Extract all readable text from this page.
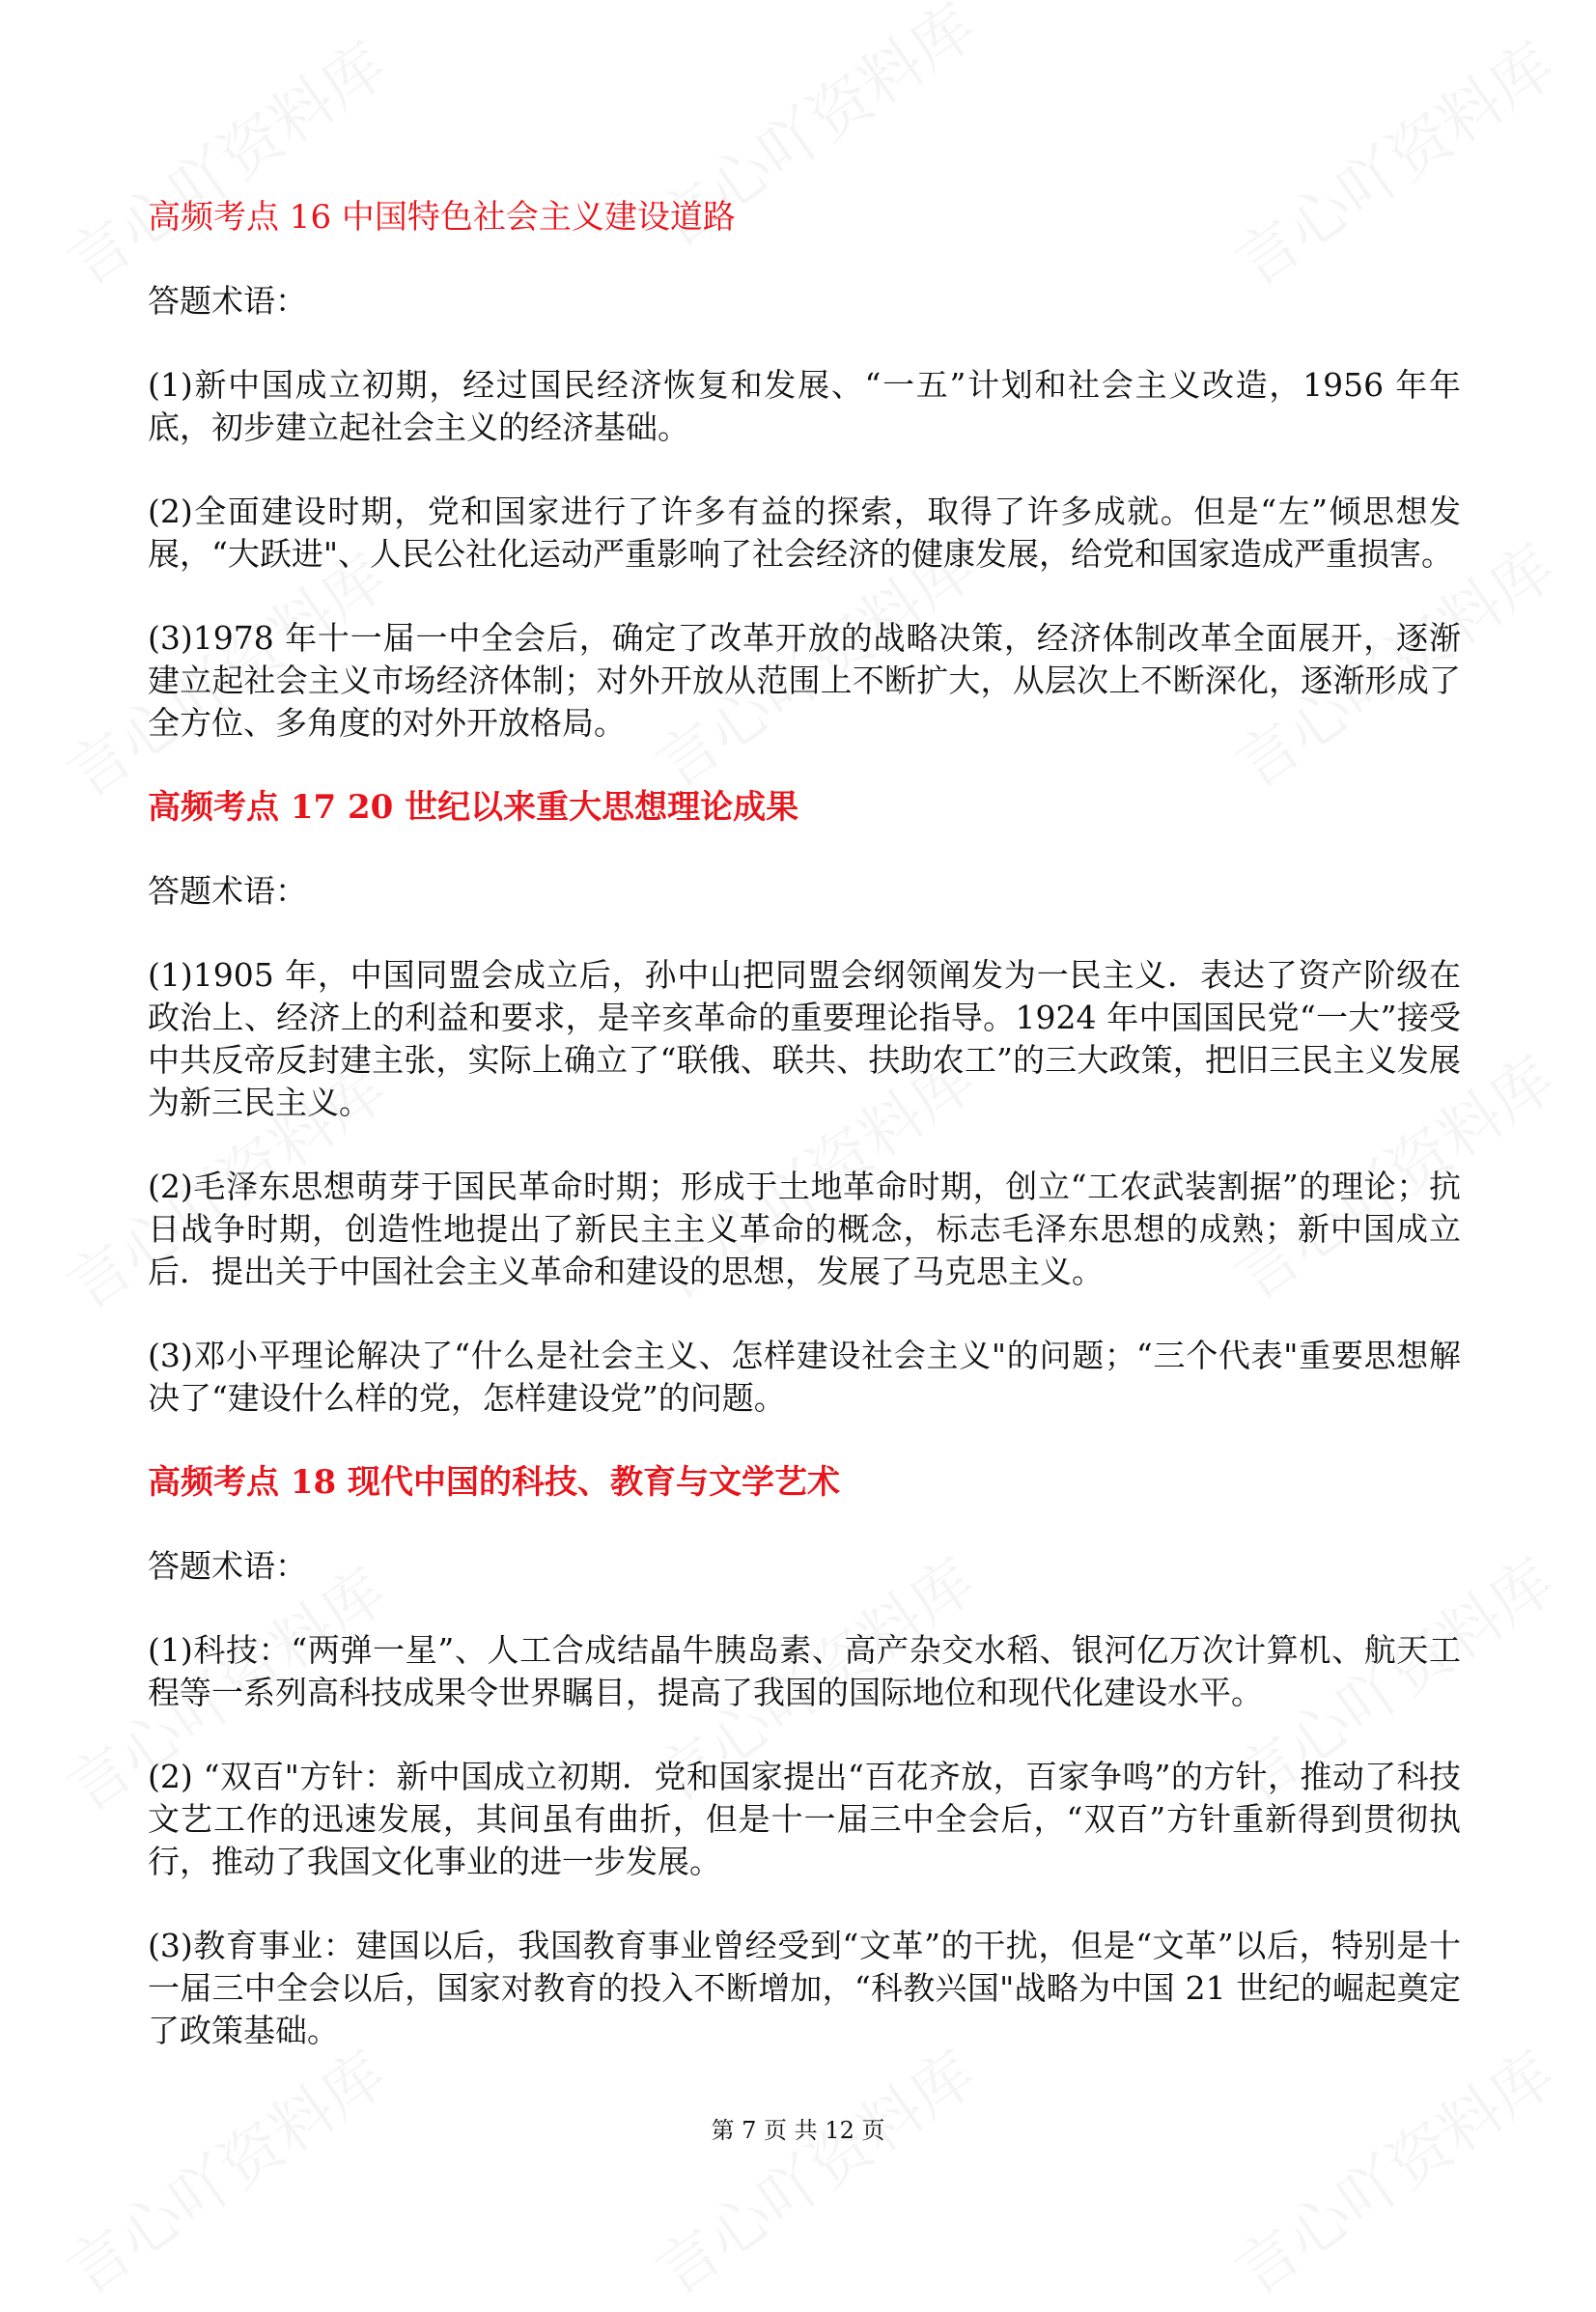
高频考点 16 中国特色社会主义建设道路
答题术语：
(1)新中国成立初期，经过国民经济恢复和发展、“一五”计划和社会主义改造，1956 年年底，初步建立起社会主义的经济基础。
(2)全面建设时期，党和国家进行了许多有益的探索，取得了许多成就。但是“左”倾思想发展，“大跃进"、人民公社化运动严重影响了社会经济的健康发展，给党和国家造成严重损害。
(3)1978 年十一届一中全会后，确定了改革开放的战略决策，经济体制改革全面展开，逐渐建立起社会主义市场经济体制；对外开放从范围上不断扩大，从层次上不断深化，逐渐形成了全方位、多角度的对外开放格局。
高频考点 17 20 世纪以来重大思想理论成果
答题术语：
(1)1905 年，中国同盟会成立后，孙中山把同盟会纲领阐发为一民主义．表达了资产阶级在政治上、经济上的利益和要求，是辛亥革命的重要理论指导。1924 年中国国民党“一大”接受中共反帝反封建主张，实际上确立了“联俄、联共、扶助农工”的三大政策，把旧三民主义发展为新三民主义。
(2)毛泽东思想萌芽于国民革命时期；形成于土地革命时期，创立“工农武装割据”的理论；抗日战争时期，创造性地提出了新民主主义革命的概念，标志毛泽东思想的成熟；新中国成立后．提出关于中国社会主义革命和建设的思想，发展了马克思主义。
(3)邓小平理论解决了“什么是社会主义、怎样建设社会主义"的问题；“三个代表"重要思想解决了“建设什么样的党，怎样建设党”的问题。
高频考点 18 现代中国的科技、教育与文学艺术
答题术语：
(1)科技：“两弹一星”、人工合成结晶牛胰岛素、高产杂交水稻、银河亿万次计算机、航天工程等一系列高科技成果令世界瞩目，提高了我国的国际地位和现代化建设水平。
(2) “双百"方针：新中国成立初期．党和国家提出“百花齐放，百家争鸣”的方针，推动了科技文艺工作的迅速发展，其间虽有曲折，但是十一届三中全会后，“双百”方针重新得到贯彻执行，推动了我国文化事业的进一步发展。
(3)教育事业：建国以后，我国教育事业曾经受到“文革”的干扰，但是“文革”以后，特别是十一届三中全会以后，国家对教育的投入不断增加，“科教兴国"战略为中国 21 世纪的崛起奠定了政策基础。
第 7 页 共 12 页
